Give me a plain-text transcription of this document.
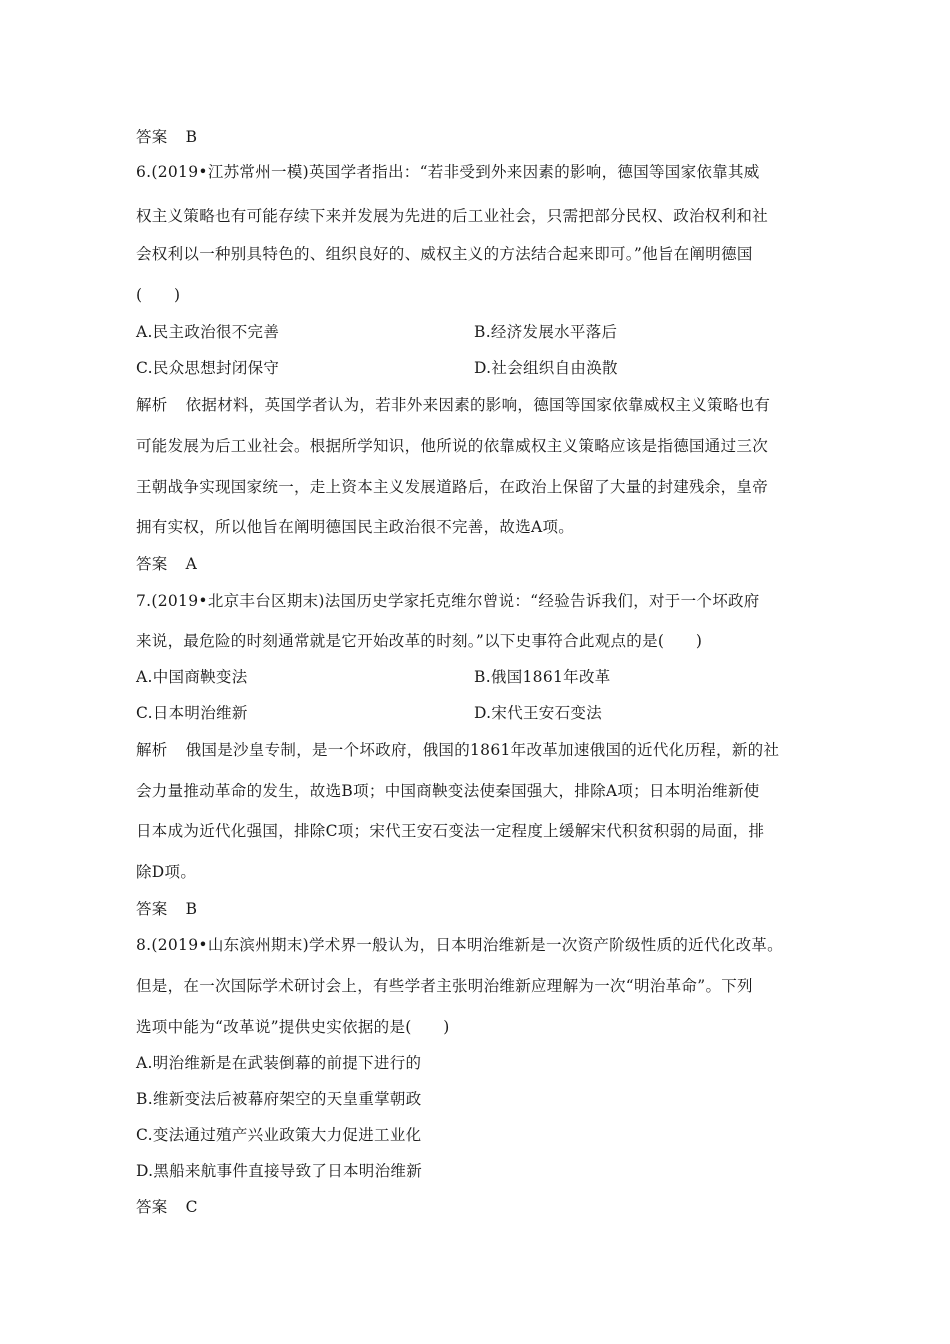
答案 B
6.(2019•江苏常州一模)英国学者指出：“若非受到外来因素的影响，德国等国家依靠其威
权主义策略也有可能存续下来并发展为先进的后工业社会，只需把部分民权、政治权利和社
会权利以一种别具特色的、组织良好的、威权主义的方法结合起来即可。”他旨在阐明德国
(　　)
A.民主政治很不完善	B.经济发展水平落后
C.民众思想封闭保守	D.社会组织自由涣散
解析 依据材料，英国学者认为，若非外来因素的影响，德国等国家依靠威权主义策略也有
可能发展为后工业社会。根据所学知识，他所说的依靠威权主义策略应该是指德国通过三次
王朝战争实现国家统一，走上资本主义发展道路后，在政治上保留了大量的封建残余，皇帝
拥有实权，所以他旨在阐明德国民主政治很不完善，故选A项。
答案 A
7.(2019•北京丰台区期末)法国历史学家托克维尔曾说：“经验告诉我们，对于一个坏政府
来说，最危险的时刻通常就是它开始改革的时刻。”以下史事符合此观点的是(　　)
A.中国商鞅变法	B.俄国1861年改革
C.日本明治维新	D.宋代王安石变法
解析 俄国是沙皇专制，是一个坏政府，俄国的1861年改革加速俄国的近代化历程，新的社
会力量推动革命的发生，故选B项；中国商鞅变法使秦国强大，排除A项；日本明治维新使
日本成为近代化强国，排除C项；宋代王安石变法一定程度上缓解宋代积贫积弱的局面，排
除D项。
答案 B
8.(2019•山东滨州期末)学术界一般认为，日本明治维新是一次资产阶级性质的近代化改革。
但是，在一次国际学术研讨会上，有些学者主张明治维新应理解为一次“明治革命”。下列
选项中能为“改革说”提供史实依据的是(　　)
A.明治维新是在武装倒幕的前提下进行的
B.维新变法后被幕府架空的天皇重掌朝政
C.变法通过殖产兴业政策大力促进工业化
D.黑船来航事件直接导致了日本明治维新
答案 C
